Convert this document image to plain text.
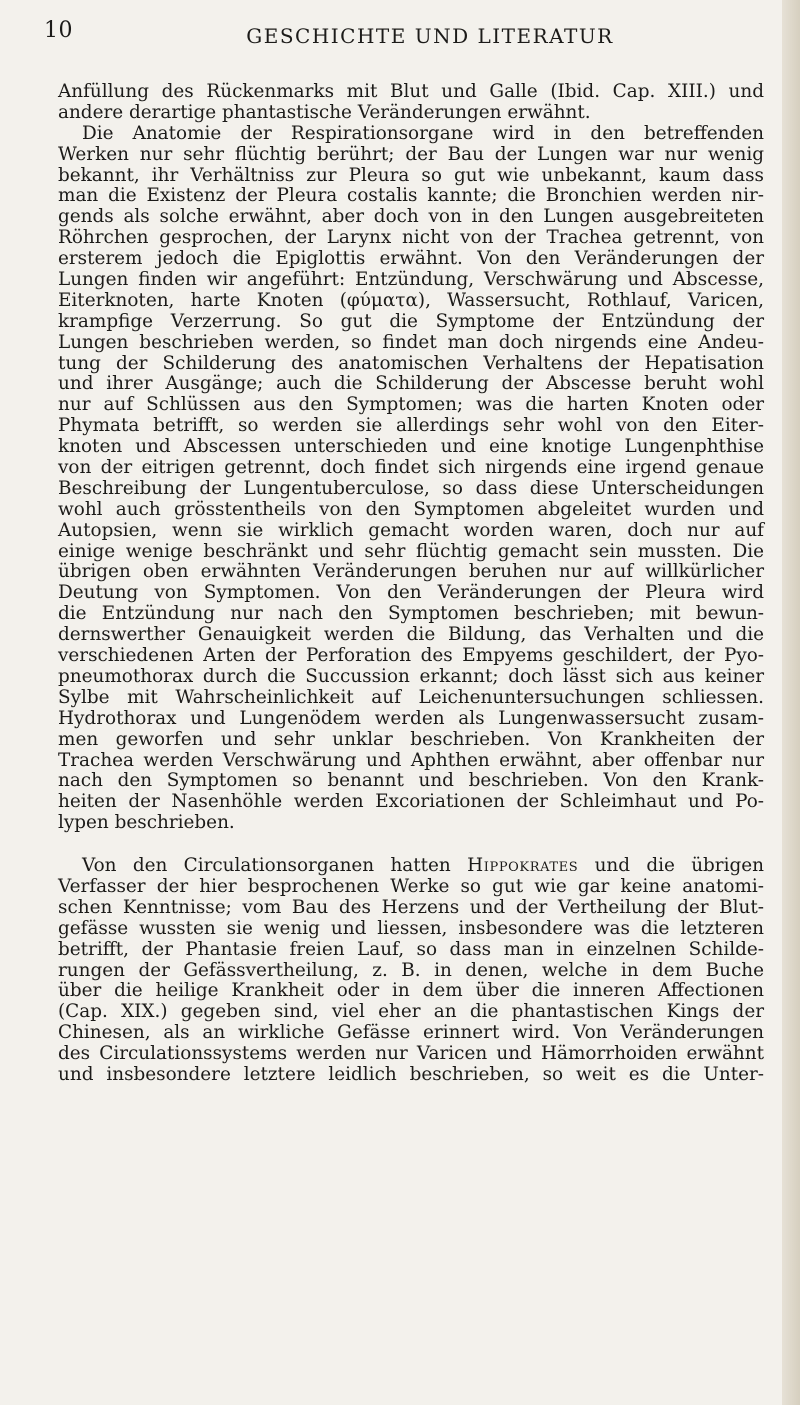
10	GESCHICHTE UND LITERATUR
Anfüllung des Rückenmarks mit Blut und Galle (Ibid. Cap. XIII.) und
andere derartige phantastische Veränderungen erwähnt.
Die Anatomie der Respirationsorgane wird in den betreffenden
Werken nur sehr flüchtig berührt; der Bau der Lungen war nur wenig
bekannt, ihr Verhältniss zur Pleura so gut wie unbekannt, kaum dass
man die Existenz der Pleura costalis kannte; die Bronchien werden nir-
gends als solche erwähnt, aber doch von in den Lungen ausgebreiteten
Röhrchen gesprochen, der Larynx nicht von der Trachea getrennt, von
ersterem jedoch die Epiglottis erwähnt. Von den Veränderungen der
Lungen finden wir angeführt: Entzündung, Verschwärung und Abscesse,
Eiterknoten, harte Knoten (φύματα), Wassersucht, Rothlauf, Varicen,
krampfige Verzerrung. So gut die Symptome der Entzündung der
Lungen beschrieben werden, so findet man doch nirgends eine Andeu-
tung der Schilderung des anatomischen Verhaltens der Hepatisation
und ihrer Ausgänge; auch die Schilderung der Abscesse beruht wohl
nur auf Schlüssen aus den Symptomen; was die harten Knoten oder
Phymata betrifft, so werden sie allerdings sehr wohl von den Eiter-
knoten und Abscessen unterschieden und eine knotige Lungenphthise
von der eitrigen getrennt, doch findet sich nirgends eine irgend genaue
Beschreibung der Lungentuberculose, so dass diese Unterscheidungen
wohl auch grösstentheils von den Symptomen abgeleitet wurden und
Autopsien, wenn sie wirklich gemacht worden waren, doch nur auf
einige wenige beschränkt und sehr flüchtig gemacht sein mussten. Die
übrigen oben erwähnten Veränderungen beruhen nur auf willkürlicher
Deutung von Symptomen. Von den Veränderungen der Pleura wird
die Entzündung nur nach den Symptomen beschrieben; mit bewun-
dernswerther Genauigkeit werden die Bildung, das Verhalten und die
verschiedenen Arten der Perforation des Empyems geschildert, der Pyo-
pneumothorax durch die Succussion erkannt; doch lässt sich aus keiner
Sylbe mit Wahrscheinlichkeit auf Leichenuntersuchungen schliessen.
Hydrothorax und Lungenödem werden als Lungenwassersucht zusam-
men geworfen und sehr unklar beschrieben. Von Krankheiten der
Trachea werden Verschwärung und Aphthen erwähnt, aber offenbar nur
nach den Symptomen so benannt und beschrieben. Von den Krank-
heiten der Nasenhöhle werden Excoriationen der Schleimhaut und Po-
lypen beschrieben.
Von den Circulationsorganen hatten Hippokrates und die übrigen
Verfasser der hier besprochenen Werke so gut wie gar keine anatomi-
schen Kenntnisse; vom Bau des Herzens und der Vertheilung der Blut-
gefässe wussten sie wenig und liessen, insbesondere was die letzteren
betrifft, der Phantasie freien Lauf, so dass man in einzelnen Schilde-
rungen der Gefässvertheilung, z. B. in denen, welche in dem Buche
über die heilige Krankheit oder in dem über die inneren Affectionen
(Cap. XIX.) gegeben sind, viel eher an die phantastischen Kings der
Chinesen, als an wirkliche Gefässe erinnert wird. Von Veränderungen
des Circulationssystems werden nur Varicen und Hämorrhoiden erwähnt
und insbesondere letztere leidlich beschrieben, so weit es die Unter-
